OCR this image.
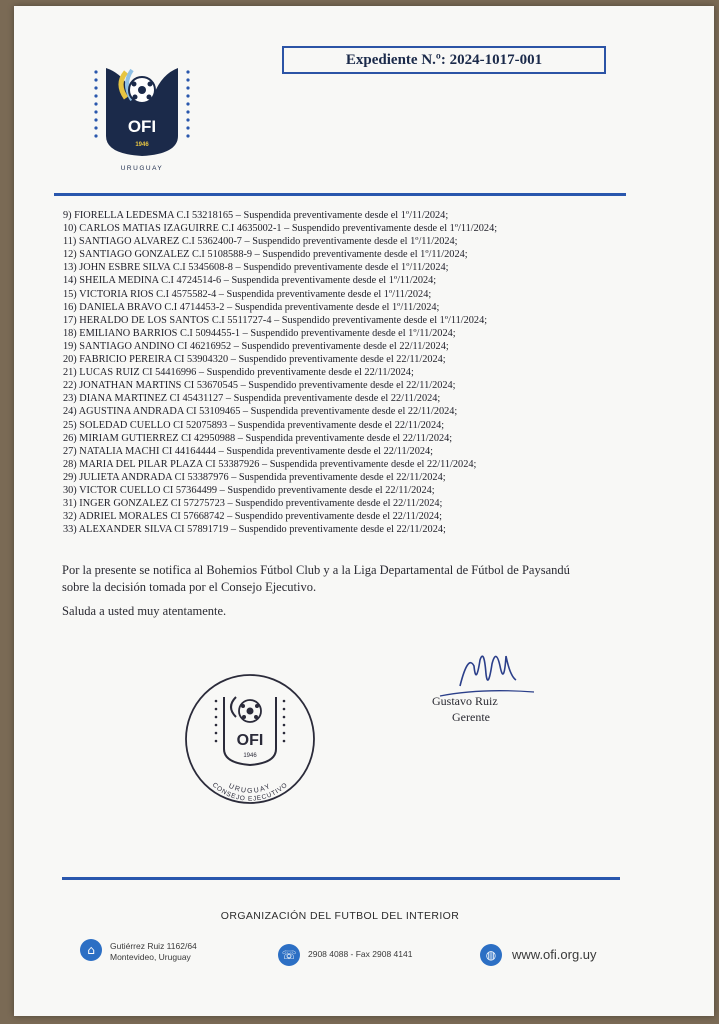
OFI
1946
URUGUAY
Expediente N.º: 2024-1017-001
9) FIORELLA LEDESMA C.I 53218165 – Suspendida preventivamente desde el 1º/11/2024;
10) CARLOS MATIAS IZAGUIRRE C.I 4635002-1 – Suspendido preventivamente desde el 1º/11/2024;
11) SANTIAGO ALVAREZ C.I 5362400-7 – Suspendido preventivamente desde el 1º/11/2024;
12) SANTIAGO GONZALEZ C.I 5108588-9 – Suspendido preventivamente desde el 1º/11/2024;
13) JOHN ESBRE SILVA C.I 5345608-8 – Suspendido preventivamente desde el 1º/11/2024;
14) SHEILA MEDINA C.I 4724514-6 – Suspendida preventivamente desde el 1º/11/2024;
15) VICTORIA RIOS C.I 4575582-4 – Suspendida preventivamente desde el 1º/11/2024;
16) DANIELA BRAVO C.I 4714453-2 – Suspendida preventivamente desde el 1º/11/2024;
17) HERALDO DE LOS SANTOS C.I 5511727-4 – Suspendido preventivamente desde el 1º/11/2024;
18) EMILIANO BARRIOS C.I 5094455-1 – Suspendido preventivamente desde el 1º/11/2024;
19) SANTIAGO ANDINO CI 46216952 – Suspendido preventivamente desde el 22/11/2024;
20) FABRICIO PEREIRA CI 53904320 – Suspendido preventivamente desde el 22/11/2024;
21) LUCAS RUIZ CI 54416996 – Suspendido preventivamente desde el 22/11/2024;
22) JONATHAN MARTINS CI 53670545 – Suspendido preventivamente desde el 22/11/2024;
23) DIANA MARTINEZ CI 45431127 – Suspendida preventivamente desde el 22/11/2024;
24) AGUSTINA ANDRADA CI 53109465 – Suspendida preventivamente desde el 22/11/2024;
25) SOLEDAD CUELLO CI 52075893 – Suspendida preventivamente desde el 22/11/2024;
26) MIRIAM GUTIERREZ CI 42950988 – Suspendida preventivamente desde el 22/11/2024;
27) NATALIA MACHI CI 44164444 – Suspendida preventivamente desde el 22/11/2024;
28) MARIA DEL PILAR PLAZA CI 53387926 – Suspendida preventivamente desde el 22/11/2024;
29) JULIETA ANDRADA CI 53387976 – Suspendida preventivamente desde el 22/11/2024;
30) VICTOR CUELLO CI 57364499 – Suspendido preventivamente desde el 22/11/2024;
31) INGER GONZALEZ CI 57275723 – Suspendido preventivamente desde el 22/11/2024;
32) ADRIEL MORALES CI 57668742 – Suspendido preventivamente desde el 22/11/2024;
33) ALEXANDER SILVA CI 57891719 – Suspendido preventivamente desde el 22/11/2024;

Por la presente se notifica al Bohemios Fútbol Club y a la Liga Departamental de Fútbol de Paysandú sobre la decisión tomada por el Consejo Ejecutivo.

Saluda a usted muy atentamente.

Gustavo Ruiz
Gerente
OFI
1946
URUGUAY
CONSEJO EJECUTIVO
ORGANIZACIÓN DEL FUTBOL DEL INTERIOR
⌂	Gutiérrez Ruiz 1162/64
Montevideo, Uruguay	☏	2908 4088 - Fax 2908 4141	◍	www.ofi.org.uy
